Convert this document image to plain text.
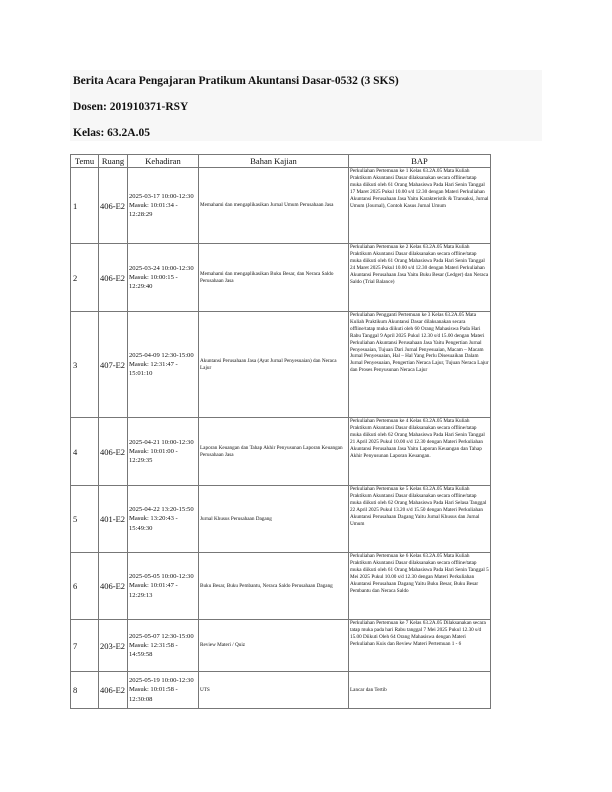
Berita Acara Pengajaran Pratikum Akuntansi Dasar-0532 (3 SKS)
Dosen: 201910371-RSY
Kelas: 63.2A.05
Temu	Ruang	Kehadiran	Bahan Kajian	BAP
1	406-E2	2025-03-17 10:00-12:30 Masuk: 10:01:34 - 12:28:29	Memahami dan mengaplikasikan Jurnal Umum Perusahaan Jasa	Perkuliahan Pertemuan ke 1 Kelas 63.2A.05 Mata Kuliah Praktikum Akuntansi Dasar dilaksanakan secara offline/tatap muka diikuti oleh 61 Orang Mahasiswa Pada Hari Senin Tanggal 17 Maret 2025 Pukul 10.00 s/d 12.30 dengan Materi Perkuliahan Akuntansi Perusahaan Jasa Yaitu Karakteristik & Transaksi, Jurnal Umum (Journal), Contoh Kasus Jurnal Umum
2	406-E2	2025-03-24 10:00-12:30 Masuk: 10:00:15 - 12:29:40	Memahami dan mengaplikasikan Buku Besar, dan Neraca Saldo Perusahaan Jasa	Perkuliahan Pertemuan ke 2 Kelas 63.2A.05 Mata Kuliah Praktikum Akuntansi Dasar dilaksanakan secara offline/tatap muka diikuti oleh 61 Orang Mahasiswa Pada Hari Senin Tanggal 24 Maret 2025 Pukul 10.00 s/d 12.30 dengan Materi Perkuliahan Akuntansi Perusahaan Jasa Yaitu Buku Besar (Ledger) dan Neraca Saldo (Trial Balance)
3	407-E2	2025-04-09 12:30-15:00 Masuk: 12:31:47 - 15:01:10	Akuntansi Perusahaan Jasa (Ayat Jurnal Penyesuaian) dan Neraca Lajur	Perkuliahan Pengganti Pertemuan ke 3 Kelas 63.2A.05 Mata Kuliah Praktikum Akuntansi Dasar dilaksanakan secara offline/tatap muka diikuti oleh 60 Orang Mahasiswa Pada Hari Rabu Tanggal 9 April 2025 Pukul 12.30 s/d 15.00 dengan Materi Perkuliahan Akuntansi Perusahaan Jasa Yaitu Pengertian Jurnal Penyesuaian, Tujuan Dari Jurnal Penyesuaian, Macam – Macam Jurnal Penyesuaian, Hal – Hal Yang Perlu Disesuaikan Dalam Jurnal Penyesuaian, Pengertian Neraca Lajur, Tujuan Neraca Lajur dan Proses Penyusunan Neraca Lajur
4	406-E2	2025-04-21 10:00-12:30 Masuk: 10:01:00 - 12:29:35	Laporan Keuangan dan Tahap Akhir Penyusunan Laporan Keuangan Perusahaan Jasa	Perkuliahan Pertemuan ke 4 Kelas 63.2A.05 Mata Kuliah Praktikum Akuntansi Dasar dilaksanakan secara offline/tatap muka diikuti oleh 62 Orang Mahasiswa Pada Hari Senin Tanggal 21 April 2025 Pukul 10.00 s/d 12.30 dengan Materi Perkuliahan Akuntansi Perusahaan Jasa Yaitu Laporan Keuangan dan Tahap Akhir Penyusunan Laporan Keuangan.
5	401-E2	2025-04-22 13:20-15:50 Masuk: 13:20:43 - 15:49:30	Jurnal Khusus Perusahaan Dagang	Perkuliahan Pertemuan ke 5 Kelas 63.2A.05 Mata Kuliah Praktikum Akuntansi Dasar dilaksanakan secara offline/tatap muka diikuti oleh 62 Orang Mahasiswa Pada Hari Selasa Tanggal 22 April 2025 Pukul 13.20 s/d 15.50 dengan Materi Perkuliahan Akuntansi Perusahaan Dagang Yaitu Jurnal Khusus dan Jurnal Umum
6	406-E2	2025-05-05 10:00-12:30 Masuk: 10:01:47 - 12:29:13	Buku Besar, Buku Pembantu, Neraca Saldo Perusahaan Dagang	Perkuliahan Pertemuan ke 6 Kelas 63.2A.05 Mata Kuliah Praktikum Akuntansi Dasar dilaksanakan secara offline/tatap muka diikuti oleh 61 Orang Mahasiswa Pada Hari Senin Tanggal 5 Mei 2025 Pukul 10.00 s/d 12.30 dengan Materi Perkuliahan Akuntansi Perusahaan Dagang Yaitu Buku Besar, Buku Besar Pembantu dan Neraca Saldo
7	203-E2	2025-05-07 12:30-15:00 Masuk: 12:31:58 - 14:59:58	Review Materi / Quiz	Perkuliahan Pertemuan ke 7 Kelas 63.2A.05 Dilaksanakan secara tatap muka pada hari Rabu tanggal 7 Mei 2025 Pukul 12.30 s/d 15.00 Diikuti Oleh 64 Orang Mahasiswa dengan Materi Perkuliahan Kuis dan Review Materi Pertemuan 1 - 6
8	406-E2	2025-05-19 10:00-12:30 Masuk: 10:01:58 - 12:30:08	UTS	Lancar dan Tertib
